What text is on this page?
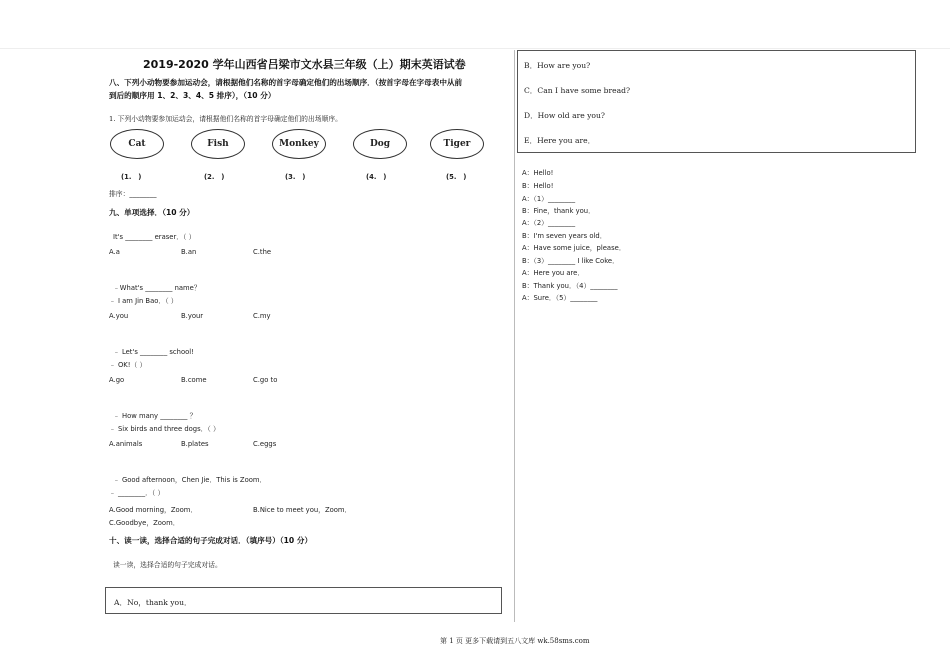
2019-2020 学年山西省吕梁市文水县三年级（上）期末英语试卷
八、下列小动物要参加运动会，请根据他们名称的首字母确定他们的出场顺序．（按首字母在字母表中从前
到后的顺序用 1、2、3、4、5 排序），（10 分）
1. 下列小动物要参加运动会，请根据他们名称的首字母确定他们的出场顺序。
Cat	Fish	Monkey	Dog	Tiger
(1.　)	(2.　)	(3.　)	(4.　)	(5.　)
排序：________
九、单项选择．（10 分）
It's ________ eraser．（ ）
A.a	B.an	C.the
﹣What's ________ name？
﹣ I am Jin Bao．（ ）
A.you	B.your	C.my
﹣ Let's ________ school!
﹣ OK!（ ）
A.go	B.come	C.go to
﹣ How many ________ ？
﹣ Six birds and three dogs．（ ）
A.animals	B.plates	C.eggs
﹣ Good afternoon，Chen Jie．This is Zoom．
﹣ ________．（ ）
A.Good morning，Zoom．	B.Nice to meet you，Zoom．
C.Goodbye，Zoom．
十、读一读，选择合适的句子完成对话．（填序号）（10 分）
读一读，选择合适的句子完成对话。
A．No，thank you．
B．How are you?
C．Can I have some bread?
D．How old are you?
E．Here you are．
A：Hello!
B：Hello!
A：（1）________
B：Fine，thank you．
A：（2）________
B：I'm seven years old．
A：Have some juice，please．
B：（3）________ I like Coke．
A：Here you are．
B：Thank you．（4）________
A：Sure．（5）________
第 1 页 更多下载请到五八文库 wk.58sms.com
